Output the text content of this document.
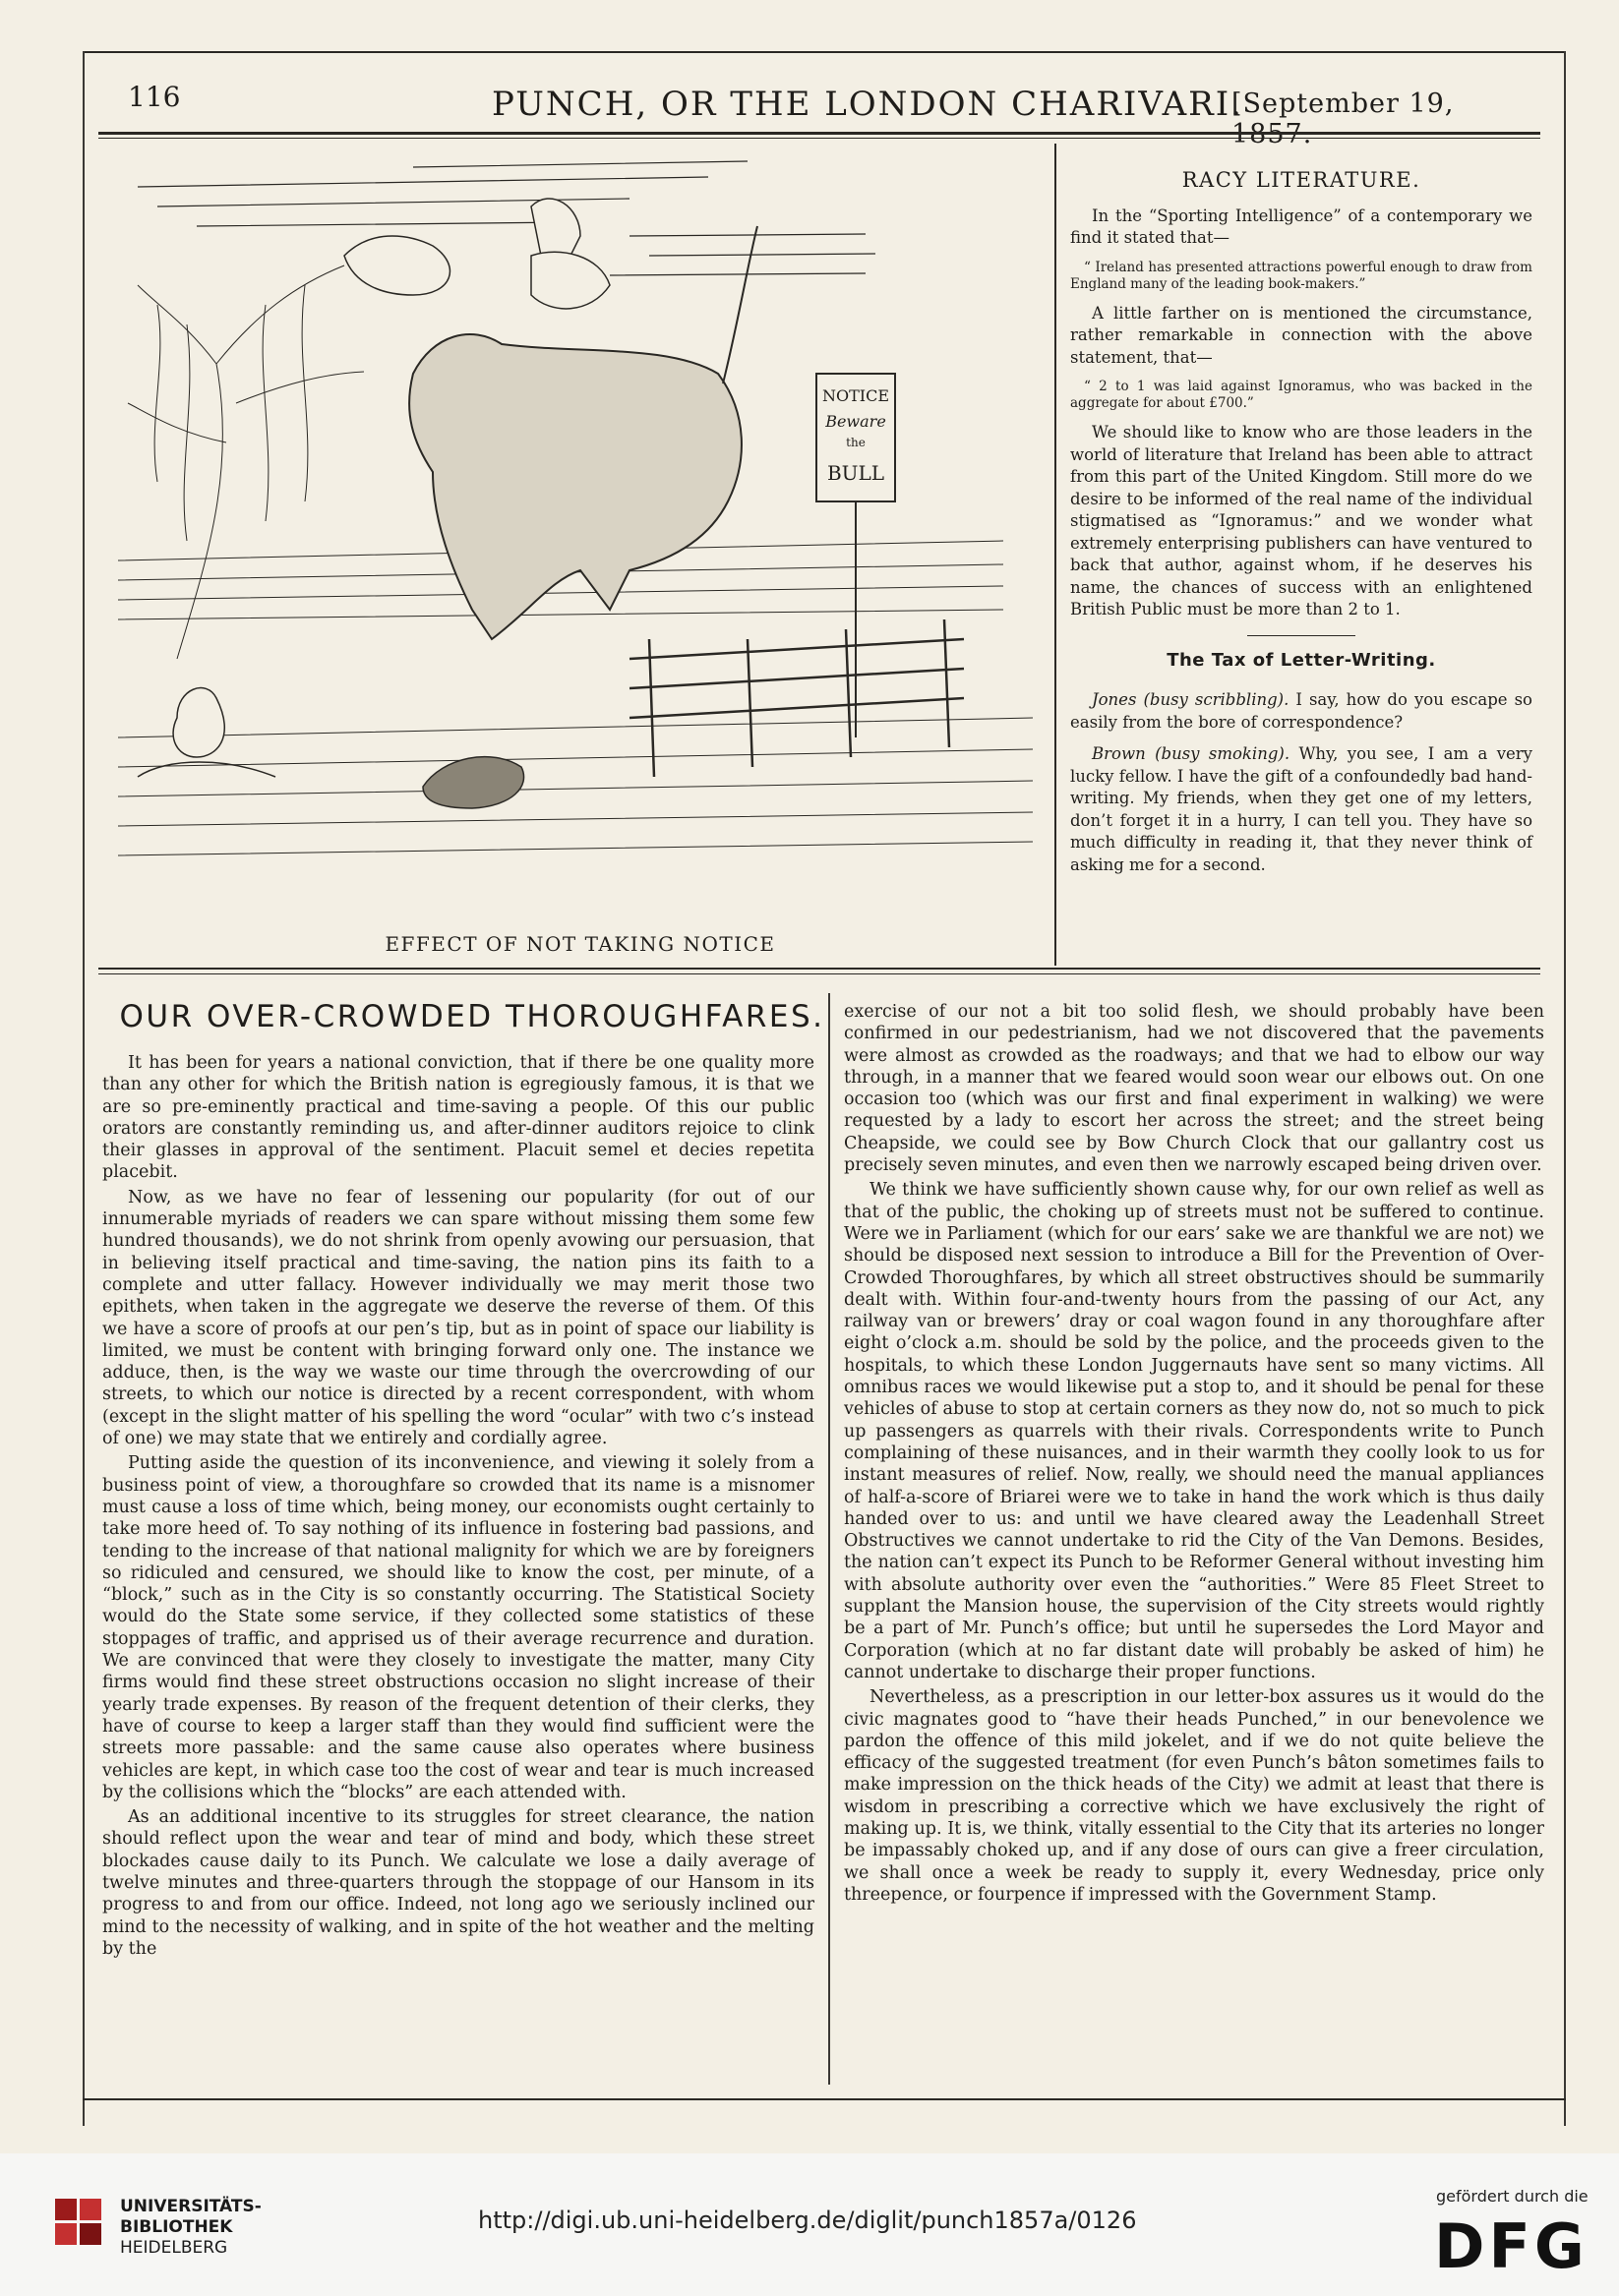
116	PUNCH, OR THE LONDON CHARIVARI.
[September 19,
NOTICE
Beware
the
BULL
EFFECT OF NOT TAKING NOTICE
RACY LITERATURE.
In the “Sporting Intelligence” of a contemporary we find it stated that—
“ Ireland has presented attractions powerful enough to draw from England many of the leading book-makers.”
A little farther on is mentioned the circumstance, rather remarkable in connection with the above statement, that—
“ 2 to 1 was laid against Ignoramus, who was backed in the aggregate for about £700.”
We should like to know who are those leaders in the world of literature that Ireland has been able to attract from this part of the United Kingdom. Still more do we desire to be informed of the real name of the individual stigmatised as “Ignoramus:” and we wonder what extremely enterprising publishers can have ventured to back that author, against whom, if he deserves his name, the chances of success with an enlightened British Public must be more than 2 to 1.
The Tax of Letter-Writing.
Jones (busy scribbling). I say, how do you escape so easily from the bore of correspondence?
Brown (busy smoking). Why, you see, I am a very lucky fellow. I have the gift of a confoundedly bad hand-writing. My friends, when they get one of my letters, don’t forget it in a hurry, I can tell you. They have so much difficulty in reading it, that they never think of asking me for a second.
OUR OVER-CROWDED THOROUGHFARES.
It has been for years a national conviction, that if there be one quality more than any other for which the British nation is egregiously famous, it is that we are so pre-eminently practical and time-saving a people. Of this our public orators are constantly reminding us, and after-dinner auditors rejoice to clink their glasses in approval of the sentiment. Placuit semel et decies repetita placebit.
Now, as we have no fear of lessening our popularity (for out of our innumerable myriads of readers we can spare without missing them some few hundred thousands), we do not shrink from openly avowing our persuasion, that in believing itself practical and time-saving, the nation pins its faith to a complete and utter fallacy. However individually we may merit those two epithets, when taken in the aggregate we deserve the reverse of them. Of this we have a score of proofs at our pen’s tip, but as in point of space our liability is limited, we must be content with bringing forward only one. The instance we adduce, then, is the way we waste our time through the overcrowding of our streets, to which our notice is directed by a recent correspondent, with whom (except in the slight matter of his spelling the word “ocular” with two c’s instead of one) we may state that we entirely and cordially agree.
Putting aside the question of its inconvenience, and viewing it solely from a business point of view, a thoroughfare so crowded that its name is a misnomer must cause a loss of time which, being money, our economists ought certainly to take more heed of. To say nothing of its influence in fostering bad passions, and tending to the increase of that national malignity for which we are by foreigners so ridiculed and censured, we should like to know the cost, per minute, of a “block,” such as in the City is so constantly occurring. The Statistical Society would do the State some service, if they collected some statistics of these stoppages of traffic, and apprised us of their average recurrence and duration. We are convinced that were they closely to investigate the matter, many City firms would find these street obstructions occasion no slight increase of their yearly trade expenses. By reason of the frequent detention of their clerks, they have of course to keep a larger staff than they would find sufficient were the streets more passable: and the same cause also operates where business vehicles are kept, in which case too the cost of wear and tear is much increased by the collisions which the “blocks” are each attended with.
As an additional incentive to its struggles for street clearance, the nation should reflect upon the wear and tear of mind and body, which these street blockades cause daily to its Punch. We calculate we lose a daily average of twelve minutes and three-quarters through the stoppage of our Hansom in its progress to and from our office. Indeed, not long ago we seriously inclined our mind to the necessity of walking, and in spite of the hot weather and the melting by the
exercise of our not a bit too solid flesh, we should probably have been confirmed in our pedestrianism, had we not discovered that the pavements were almost as crowded as the roadways; and that we had to elbow our way through, in a manner that we feared would soon wear our elbows out. On one occasion too (which was our first and final experiment in walking) we were requested by a lady to escort her across the street; and the street being Cheapside, we could see by Bow Church Clock that our gallantry cost us precisely seven minutes, and even then we narrowly escaped being driven over.
We think we have sufficiently shown cause why, for our own relief as well as that of the public, the choking up of streets must not be suffered to continue. Were we in Parliament (which for our ears’ sake we are thankful we are not) we should be disposed next session to introduce a Bill for the Prevention of Over-Crowded Thoroughfares, by which all street obstructives should be summarily dealt with. Within four-and-twenty hours from the passing of our Act, any railway van or brewers’ dray or coal wagon found in any thoroughfare after eight o’clock a.m. should be sold by the police, and the proceeds given to the hospitals, to which these London Juggernauts have sent so many victims. All omnibus races we would likewise put a stop to, and it should be penal for these vehicles of abuse to stop at certain corners as they now do, not so much to pick up passengers as quarrels with their rivals. Correspondents write to Punch complaining of these nuisances, and in their warmth they coolly look to us for instant measures of relief. Now, really, we should need the manual appliances of half-a-score of Briarei were we to take in hand the work which is thus daily handed over to us: and until we have cleared away the Leadenhall Street Obstructives we cannot undertake to rid the City of the Van Demons. Besides, the nation can’t expect its Punch to be Reformer General without investing him with absolute authority over even the “authorities.” Were 85 Fleet Street to supplant the Mansion house, the supervision of the City streets would rightly be a part of Mr. Punch’s office; but until he supersedes the Lord Mayor and Corporation (which at no far distant date will probably be asked of him) he cannot undertake to discharge their proper functions.
Nevertheless, as a prescription in our letter-box assures us it would do the civic magnates good to “have their heads Punched,” in our benevolence we pardon the offence of this mild jokelet, and if we do not quite believe the efficacy of the suggested treatment (for even Punch’s bâton sometimes fails to make impression on the thick heads of the City) we admit at least that there is wisdom in prescribing a corrective which we have exclusively the right of making up. It is, we think, vitally essential to the City that its arteries no longer be impassably choked up, and if any dose of ours can give a freer circulation, we shall once a week be ready to supply it, every Wednesday, price only threepence, or fourpence if impressed with the Government Stamp.
UNIVERSITÄTS-
BIBLIOTHEK
HEIDELBERG
http://digi.ub.uni-heidelberg.de/diglit/punch1857a/0126
gefördert durch die
DFG
